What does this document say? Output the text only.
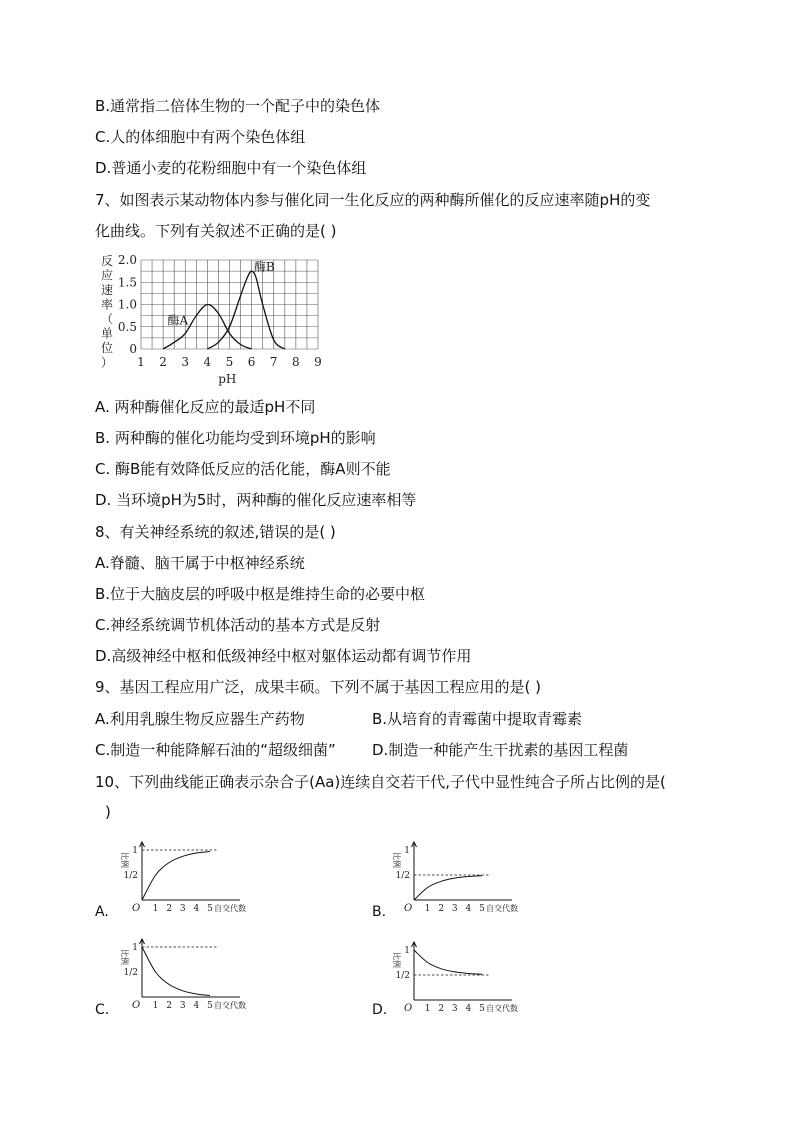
B.通常指二倍体生物的一个配子中的染色体
C.人的体细胞中有两个染色体组
D.普通小麦的花粉细胞中有一个染色体组
7、如图表示某动物体内参与催化同一生化反应的两种酶所催化的反应速率随pH的变
化曲线。下列有关叙述不正确的是( )
反
应
速
率
（
单
位
）
0
0.5
1.0
1.5
2.0
1 2 3 4 5 6 7 8 9
pH
酶A
酶B
A. 两种酶催化反应的最适pH不同
B. 两种酶的催化功能均受到环境pH的影响
C. 酶B能有效降低反应的活化能，酶A则不能
D. 当环境pH为5时，两种酶的催化反应速率相等
8、有关神经系统的叙述,错误的是( )
A.脊髓、脑干属于中枢神经系统
B.位于大脑皮层的呼吸中枢是维持生命的必要中枢
C.神经系统调节机体活动的基本方式是反射
D.高级神经中枢和低级神经中枢对躯体运动都有调节作用
9、基因工程应用广泛，成果丰硕。下列不属于基因工程应用的是( )
A.利用乳腺生物反应器生产药物	B.从培育的青霉菌中提取青霉素
C.制造一种能降解石油的“超级细菌” D.制造一种能产生干扰素的基因工程菌
10、下列曲线能正确表示杂合子(Aa)连续自交若干代,子代中显性纯合子所占比例的是(
)
比例
1
1/2
O 1 2 3 4 5 自交代数
A.
比例
1
1/2
O 1 2 3 4 5 自交代数
B.
比例
1
1/2
O 1 2 3 4 5 自交代数
C.
比例
1
1/2
O 1 2 3 4 5 自交代数
D.
